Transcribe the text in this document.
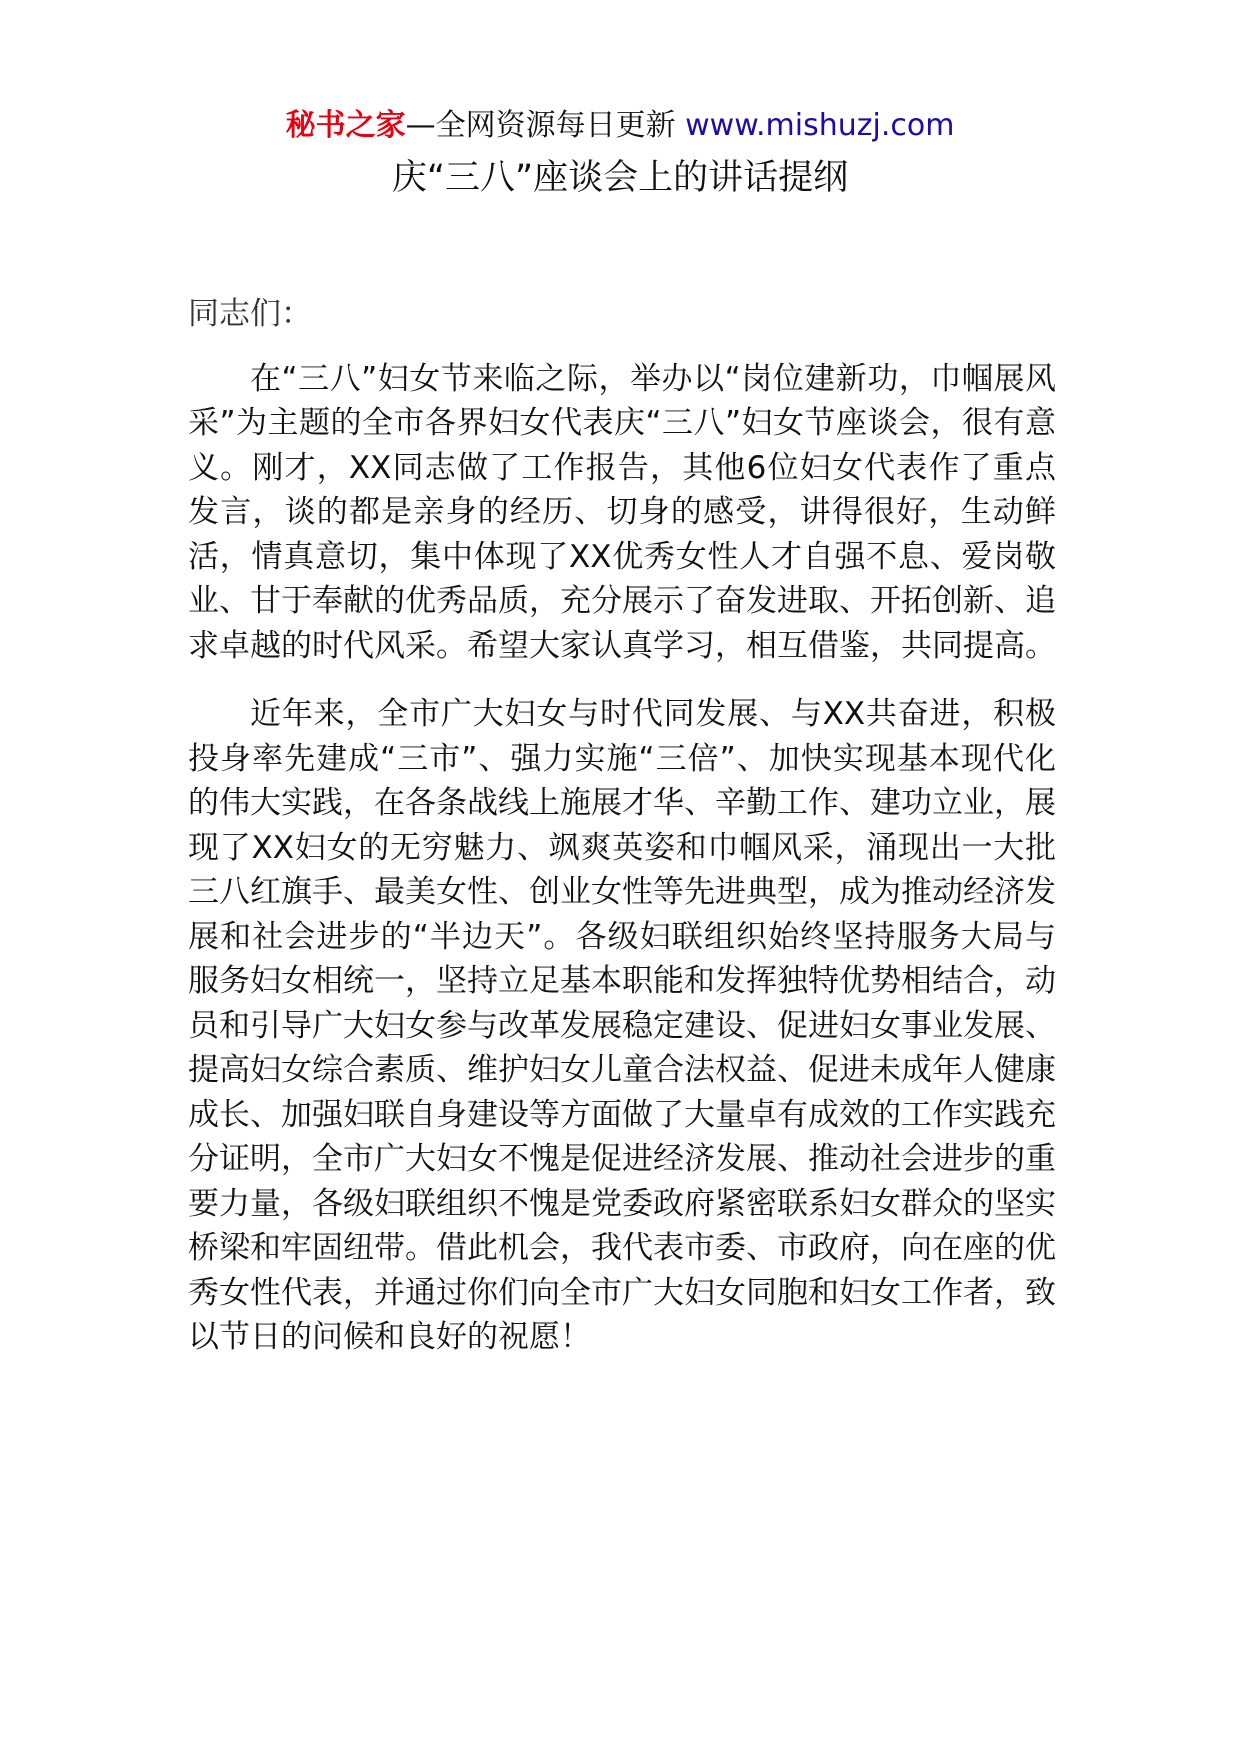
秘书之家—全网资源每日更新 www.mishuzj.com
庆“三八”座谈会上的讲话提纲

同志们：

在“三八”妇女节来临之际，举办以“岗位建新功，巾帼展风采”为主题的全市各界妇女代表庆“三八”妇女节座谈会，很有意义。刚才，XX同志做了工作报告，其他6位妇女代表作了重点发言，谈的都是亲身的经历、切身的感受，讲得很好，生动鲜活，情真意切，集中体现了XX优秀女性人才自强不息、爱岗敬业、甘于奉献的优秀品质，充分展示了奋发进取、开拓创新、追求卓越的时代风采。希望大家认真学习，相互借鉴，共同提高。

近年来，全市广大妇女与时代同发展、与XX共奋进，积极投身率先建成“三市”、强力实施“三倍”、加快实现基本现代化的伟大实践，在各条战线上施展才华、辛勤工作、建功立业，展现了XX妇女的无穷魅力、飒爽英姿和巾帼风采，涌现出一大批三八红旗手、最美女性、创业女性等先进典型，成为推动经济发展和社会进步的“半边天”。各级妇联组织始终坚持服务大局与服务妇女相统一，坚持立足基本职能和发挥独特优势相结合，动员和引导广大妇女参与改革发展稳定建设、促进妇女事业发展、提高妇女综合素质、维护妇女儿童合法权益、促进未成年人健康成长、加强妇联自身建设等方面做了大量卓有成效的工作实践充分证明，全市广大妇女不愧是促进经济发展、推动社会进步的重要力量，各级妇联组织不愧是党委政府紧密联系妇女群众的坚实桥梁和牢固纽带。借此机会，我代表市委、市政府，向在座的优秀女性代表，并通过你们向全市广大妇女同胞和妇女工作者，致以节日的问候和良好的祝愿！
